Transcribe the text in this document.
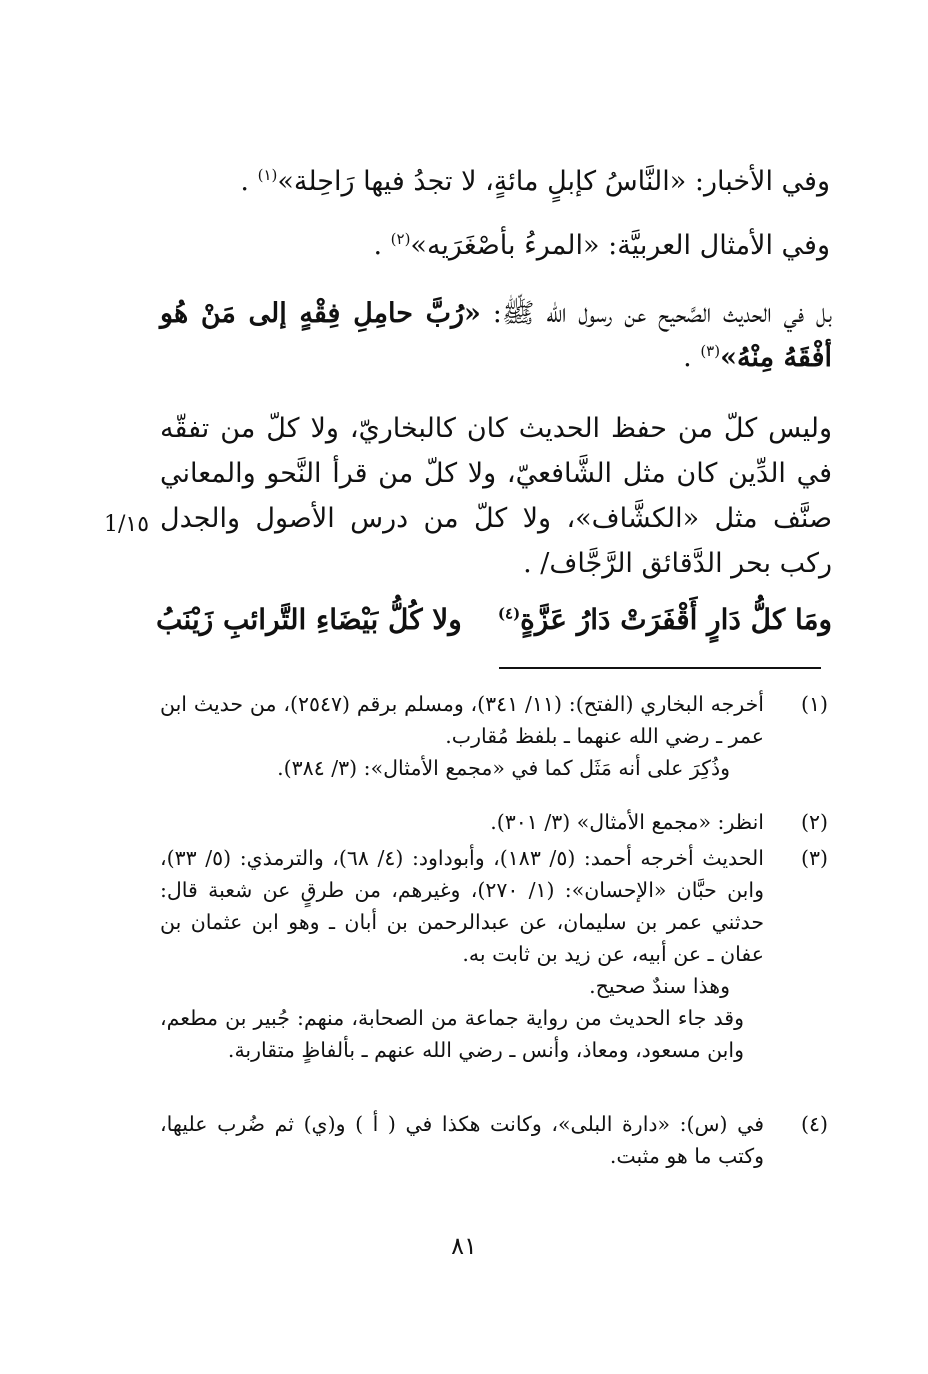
وفي الأخبار: «النَّاسُ كإبلٍ مائةٍ، لا تجدُ فيها رَاحِلة»$^{(١)}$ .
وفي الأمثال العربيَّة: «المرءُ بأصْغَرَيه»$^{(٢)}$ .
بل في الحديث الصَّحيح عن رسول الله ﷺ: «رُبَّ حامِلِ فِقْهٍ إلى مَنْ هُو أفْقَهُ مِنْهُ»$^{(٣)}$ .
وليس كلّ من حفظ الحديث كان كالبخاريّ، ولا كلّ من تفقّه في الدِّين كان مثل الشَّافعيّ، ولا كلّ من قرأ النَّحو والمعاني صنَّف مثل «الكشَّاف»، ولا كلّ من درس الأصول والجدل ركب بحر الدَّقائق الرَّجَّاف/ .
1/١٥
ومَا كلُّ دَارٍ أَقْفَرَتْ دَارُ عَزَّةٍ$^{(٤)}$
ولا كُلُّ بَيْضَاءِ التَّرائبِ زَيْنَبُ
(١)

أخرجه البخاري (الفتح): (١١/ ٣٤١)، ومسلم برقم (٢٥٤٧)، من حديث ابن عمر ـ رضي الله عنهما ـ بلفظ مُقارب.

وذُكِرَ على أنه مَثَل كما في «مجمع الأمثال»: (٣/ ٣٨٤).

(٢)

انظر: «مجمع الأمثال» (٣/ ٣٠١).

(٣)

الحديث أخرجه أحمد: (٥/ ١٨٣)، وأبوداود: (٤/ ٦٨)، والترمذي: (٥/ ٣٣)، وابن حبَّان «الإحسان»: (١/ ٢٧٠)، وغيرهم، من طرقٍ عن شعبة قال: حدثني عمر بن سليمان، عن عبدالرحمن بن أبان ـ وهو ابن عثمان بن عفان ـ عن أبيه، عن زيد بن ثابت به.

وهذا سندٌ صحيح.

وقد جاء الحديث من رواية جماعة من الصحابة، منهم: جُبير بن مطعم، وابن مسعود، ومعاذ، وأنس ـ رضي الله عنهم ـ بألفاظٍ متقاربة.

(٤)

في (س): «دارة البلى»، وكانت هكذا في ( أ ) و(ي) ثم ضُرب عليها، وكتب ما هو مثبت.

٨١
